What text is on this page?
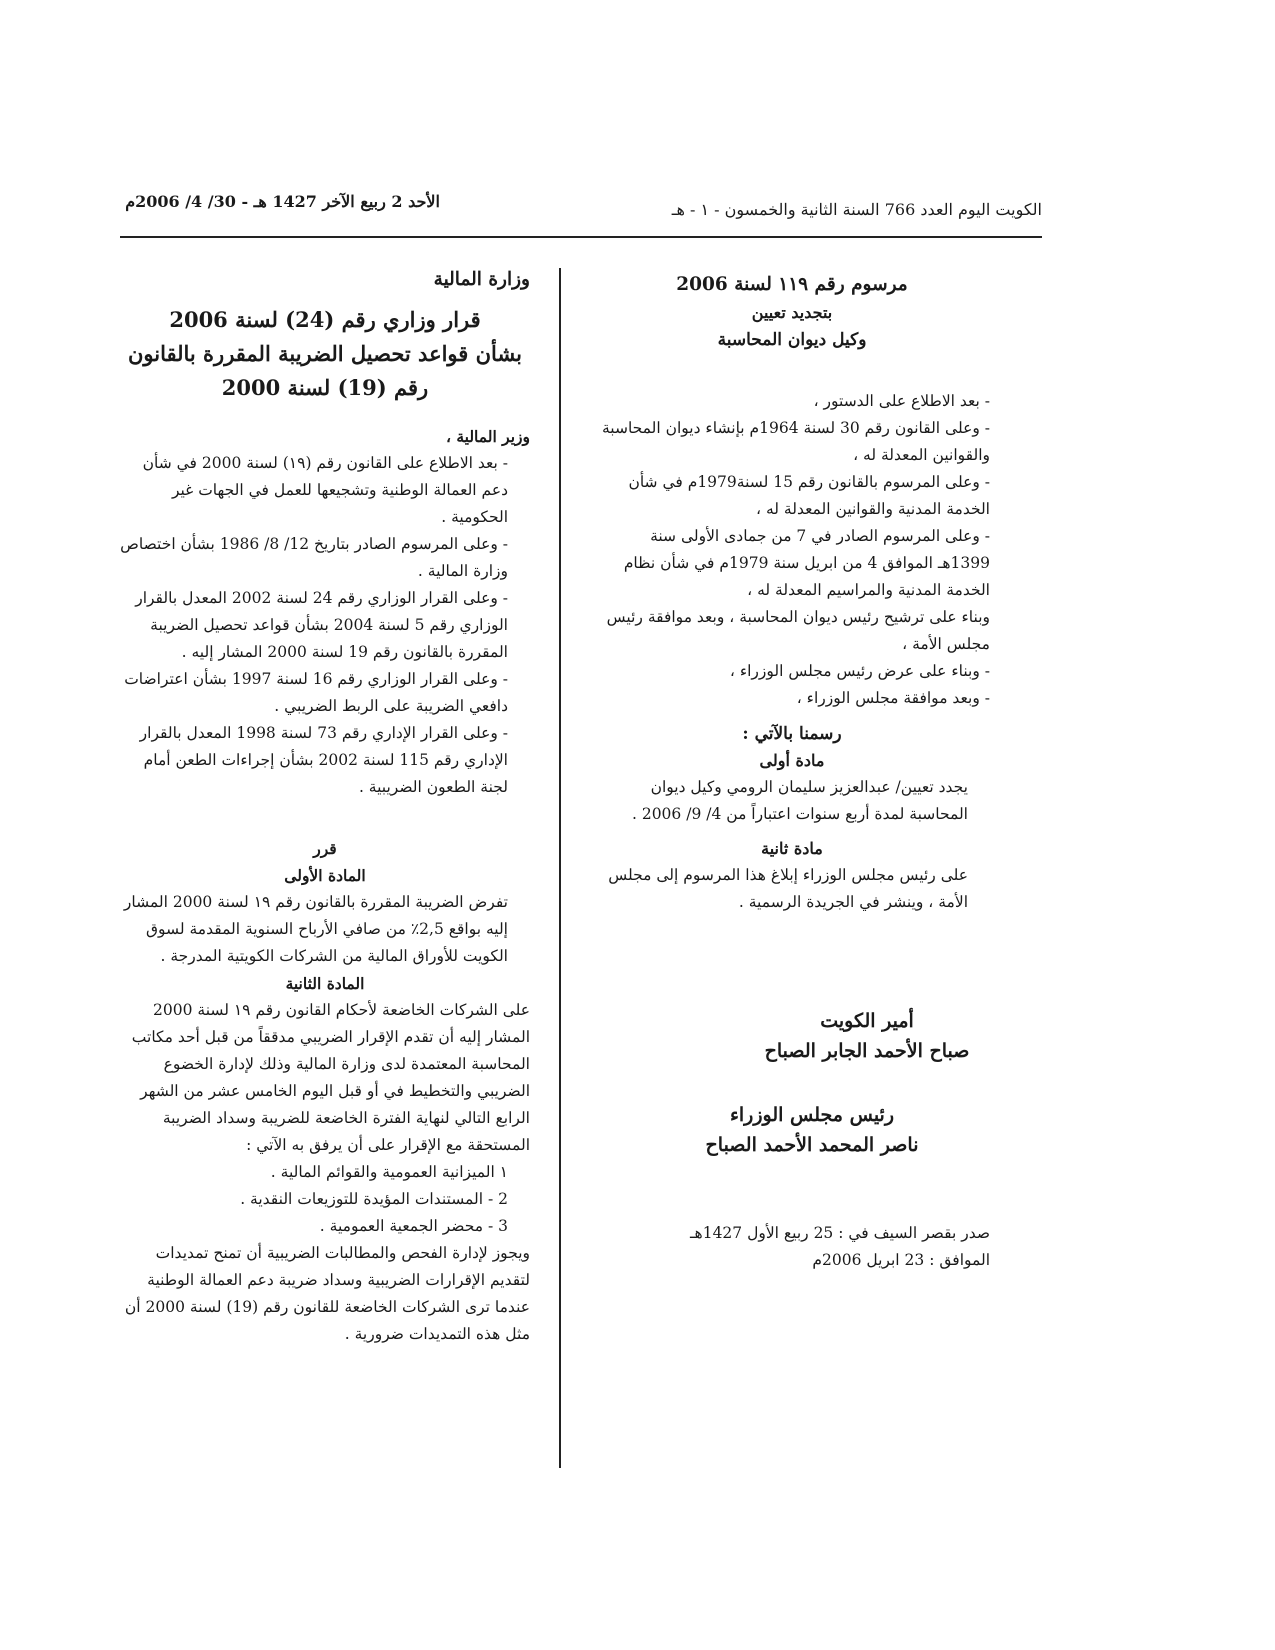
الكويت اليوم العدد 766 السنة الثانية والخمسون - ١ - هـ
الأحد 2 ربيع الآخر 1427 هـ - 30/ 4/ 2006م

مرسوم رقم ١١٩ لسنة 2006

بتجديد تعيين

وكيل ديوان المحاسبة

- بعد الاطلاع على الدستور ،

- وعلى القانون رقم 30 لسنة 1964م بإنشاء ديوان المحاسبة والقوانين المعدلة له ،

- وعلى المرسوم بالقانون رقم 15 لسنة1979م في شأن الخدمة المدنية والقوانين المعدلة له ،

- وعلى المرسوم الصادر في 7 من جمادى الأولى سنة 1399هـ الموافق 4 من ابريل سنة 1979م في شأن نظام الخدمة المدنية والمراسيم المعدلة له ،

وبناء على ترشيح رئيس ديوان المحاسبة ، وبعد موافقة رئيس مجلس الأمة ،

- وبناء على عرض رئيس مجلس الوزراء ،

- وبعد موافقة مجلس الوزراء ،

رسمنا بالآتي :

مادة أولى

يجدد تعيين/ عبدالعزيز سليمان الرومي وكيل ديوان المحاسبة لمدة أربع سنوات اعتباراً من 4/ 9/ 2006 .

مادة ثانية

على رئيس مجلس الوزراء إبلاغ هذا المرسوم إلى مجلس الأمة ، وينشر في الجريدة الرسمية .

أمير الكويت

صباح الأحمد الجابر الصباح

رئيس مجلس الوزراء

ناصر المحمد الأحمد الصباح

صدر بقصر السيف في : 25 ربيع الأول 1427هـ

الموافق : 23 ابريل 2006م

وزارة المالية

قرار وزاري رقم (24) لسنة 2006

بشأن قواعد تحصيل الضريبة المقررة بالقانون

رقم (19) لسنة 2000

وزير المالية ،

- بعد الاطلاع على القانون رقم (١٩) لسنة 2000 في شأن دعم العمالة الوطنية وتشجيعها للعمل في الجهات غير الحكومية .

- وعلى المرسوم الصادر بتاريخ 12/ 8/ 1986 بشأن اختصاص وزارة المالية .

- وعلى القرار الوزاري رقم 24 لسنة 2002 المعدل بالقرار الوزاري رقم 5 لسنة 2004 بشأن قواعد تحصيل الضريبة المقررة بالقانون رقم 19 لسنة 2000 المشار إليه .

- وعلى القرار الوزاري رقم 16 لسنة 1997 بشأن اعتراضات دافعي الضريبة على الربط الضريبي .

- وعلى القرار الإداري رقم 73 لسنة 1998 المعدل بالقرار الإداري رقم 115 لسنة 2002 بشأن إجراءات الطعن أمام لجنة الطعون الضريبية .

قرر

المادة الأولى

تفرض الضريبة المقررة بالقانون رقم ١٩ لسنة 2000 المشار إليه بواقع 2,5٪ من صافي الأرباح السنوية المقدمة لسوق الكويت للأوراق المالية من الشركات الكويتية المدرجة .

المادة الثانية

على الشركات الخاضعة لأحكام القانون رقم ١٩ لسنة 2000 المشار إليه أن تقدم الإقرار الضريبي مدققاً من قبل أحد مكاتب المحاسبة المعتمدة لدى وزارة المالية وذلك لإدارة الخضوع الضريبي والتخطيط في أو قبل اليوم الخامس عشر من الشهر الرابع التالي لنهاية الفترة الخاضعة للضريبة وسداد الضريبة المستحقة مع الإقرار على أن يرفق به الآتي :

١ الميزانية العمومية والقوائم المالية .

2 - المستندات المؤيدة للتوزيعات النقدية .

3 - محضر الجمعية العمومية .

ويجوز لإدارة الفحص والمطالبات الضريبية أن تمنح تمديدات لتقديم الإقرارات الضريبية وسداد ضريبة دعم العمالة الوطنية عندما ترى الشركات الخاضعة للقانون رقم (19) لسنة 2000 أن مثل هذه التمديدات ضرورية .
